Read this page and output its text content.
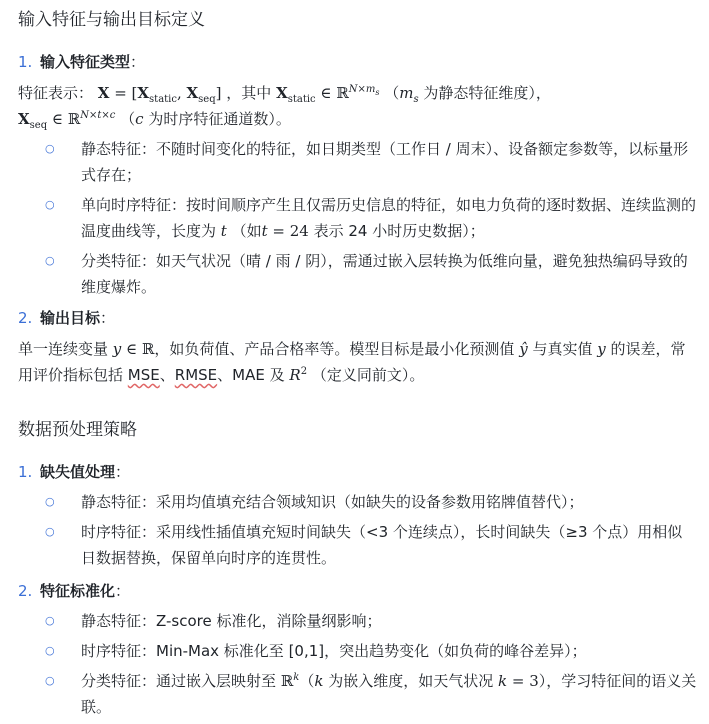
输入特征与输出目标定义
1. 输入特征类型：
特征表示： $X = [X_{static}$, $X_{seq}$] ，其中 $X_{static}$ ∈ ℝ$^{N\times m_s}$ （$m_s$ 为静态特征维度），
$X_{seq}$ ∈ ℝ$^{N\times t\times c}$ （c 为时序特征通道数）。
○	静态特征：不随时间变化的特征，如日期类型（工作日 / 周末）、设备额定参数等，以标量形式存在；
○	单向时序特征：按时间顺序产生且仅需历史信息的特征，如电力负荷的逐时数据、连续监测的温度曲线等，长度为 t （如t = 24 表示 24 小时历史数据）；
○	分类特征：如天气状况（晴 / 雨 / 阴），需通过嵌入层转换为低维向量，避免独热编码导致的维度爆炸。
2. 输出目标：
单一连续变量 y ∈ ℝ，如负荷值、产品合格率等。模型目标是最小化预测值 ŷ 与真实值 y 的误差，常用评价指标包括 MSE、RMSE、MAE 及 $R^2$ （定义同前文）。
数据预处理策略
1. 缺失值处理：
○	静态特征：采用均值填充结合领域知识（如缺失的设备参数用铭牌值替代）；
○	时序特征：采用线性插值填充短时间缺失（<3 个连续点），长时间缺失（≥3 个点）用相似日数据替换，保留单向时序的连贯性。
2. 特征标准化：
○	静态特征：Z-score 标准化，消除量纲影响；
○	时序特征：Min-Max 标准化至 [0,1]，突出趋势变化（如负荷的峰谷差异）；
○	分类特征：通过嵌入层映射至 ℝ$^k$（k 为嵌入维度，如天气状况 k = 3），学习特征间的语义关联。
